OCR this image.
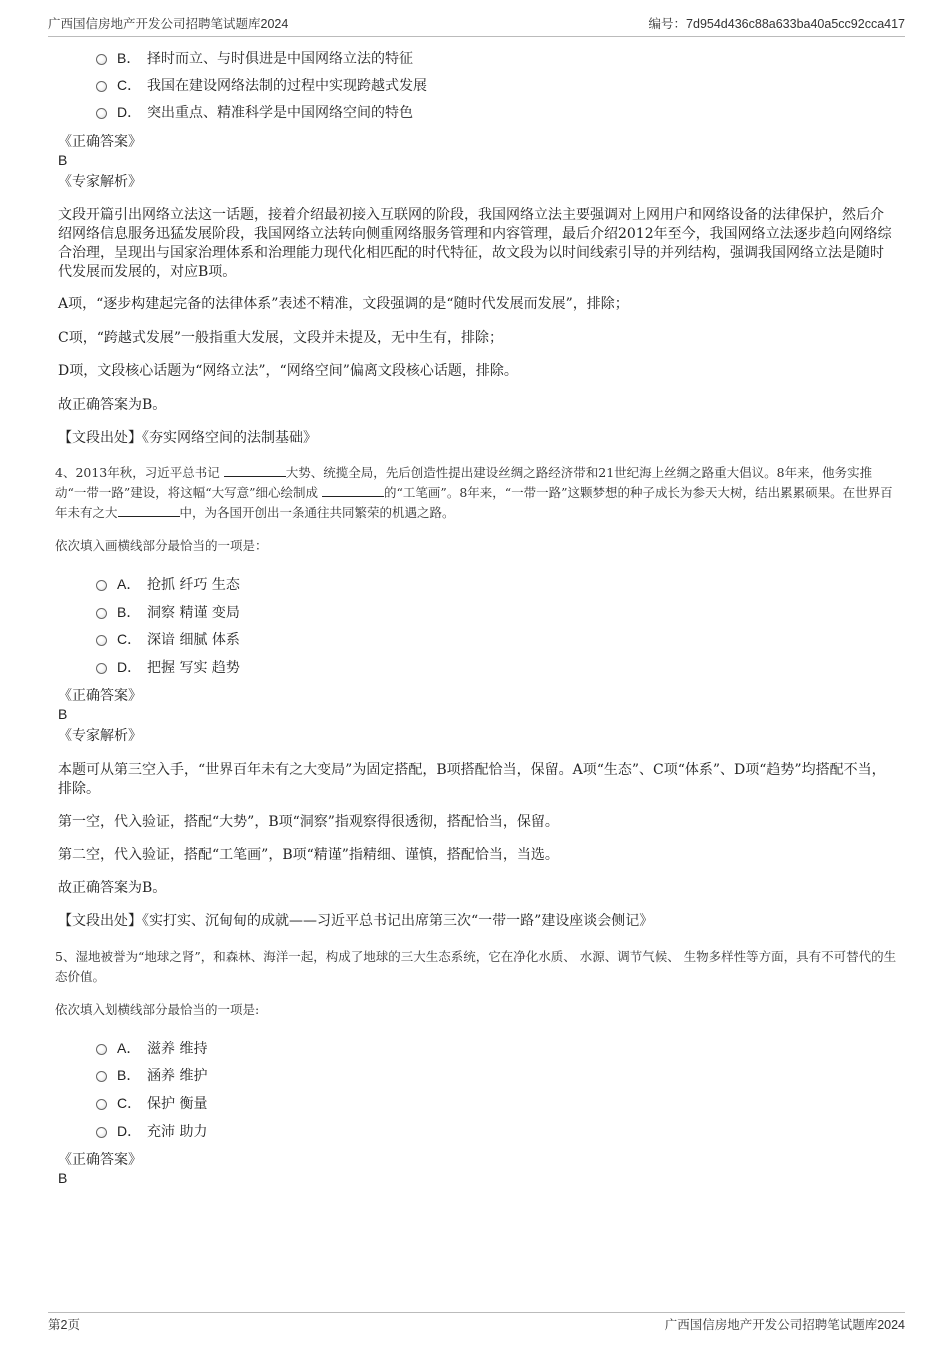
广西国信房地产开发公司招聘笔试题库2024	编号：7d954d436c88a633ba40a5cc92cca417
B． 择时而立、与时俱进是中国网络立法的特征
C． 我国在建设网络法制的过程中实现跨越式发展
D． 突出重点、精准科学是中国网络空间的特色
《正确答案》
B
《专家解析》
文段开篇引出网络立法这一话题，接着介绍最初接入互联网的阶段，我国网络立法主要强调对上网用户和网络设备的法律保护，然后介绍网络信息服务迅猛发展阶段，我国网络立法转向侧重网络服务管理和内容管理，最后介绍2012年至今，我国网络立法逐步趋向网络综合治理，呈现出与国家治理体系和治理能力现代化相匹配的时代特征，故文段为以时间线索引导的并列结构，强调我国网络立法是随时代发展而发展的，对应B项。
A项，“逐步构建起完备的法律体系”表述不精准，文段强调的是“随时代发展而发展”，排除；
C项，“跨越式发展”一般指重大发展，文段并未提及，无中生有，排除；
D项，文段核心话题为“网络立法”，“网络空间”偏离文段核心话题，排除。
故正确答案为B。
【文段出处】《夯实网络空间的法制基础》
4、2013年秋，习近平总书记	大势、统揽全局，先后创造性提出建设丝绸之路经济带和21世纪海上丝绸之路重大倡议。8年来，他务实推动“一带一路”建设，将这幅“大写意”细心绘制成	的“工笔画”。8年来，“一带一路”这颗梦想的种子成长为参天大树，结出累累硕果。在世界百年未有之大	中，为各国开创出一条通往共同繁荣的机遇之路。
依次填入画横线部分最恰当的一项是：
A． 抢抓 纤巧 生态
B． 洞察 精谨 变局
C． 深谙 细腻 体系
D． 把握 写实 趋势
《正确答案》
B
《专家解析》
本题可从第三空入手，“世界百年未有之大变局”为固定搭配，B项搭配恰当，保留。A项“生态”、C项“体系”、D项“趋势”均搭配不当，排除。
第一空，代入验证，搭配“大势”，B项“洞察”指观察得很透彻，搭配恰当，保留。
第二空，代入验证，搭配“工笔画”，B项“精谨”指精细、谨慎，搭配恰当，当选。
故正确答案为B。
【文段出处】《实打实、沉甸甸的成就——习近平总书记出席第三次“一带一路”建设座谈会侧记》
5、湿地被誉为“地球之肾”，和森林、海洋一起，构成了地球的三大生态系统，它在净化水质、 水源、调节气候、 生物多样性等方面，具有不可替代的生态价值。
依次填入划横线部分最恰当的一项是:
A． 滋养 维持
B． 涵养 维护
C． 保护 衡量
D． 充沛 助力
《正确答案》
B
第2页	广西国信房地产开发公司招聘笔试题库2024
